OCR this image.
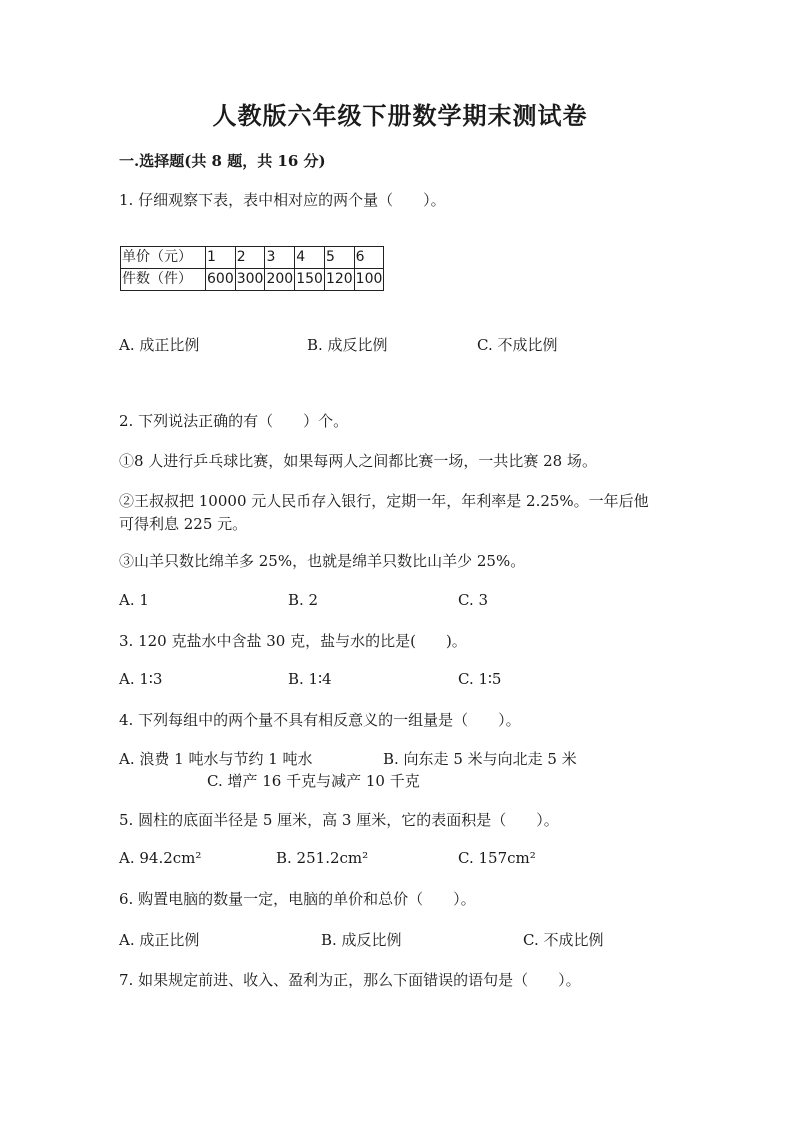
人教版六年级下册数学期末测试卷
一.选择题(共 8 题，共 16 分)
1. 仔细观察下表，表中相对应的两个量（　　）。
单价（元）	1	2	3	4	5	6
件数（件）	600	300	200	150	120	100
A. 成正比例	B. 成反比例	C. 不成比例
2. 下列说法正确的有（　　）个。
①8 人进行乒乓球比赛，如果每两人之间都比赛一场，一共比赛 28 场。
②王叔叔把 10000 元人民币存入银行，定期一年，年利率是 2.25%。一年后他
可得利息 225 元。
③山羊只数比绵羊多 25%，也就是绵羊只数比山羊少 25%。
A. 1	B. 2	C. 3
3. 120 克盐水中含盐 30 克，盐与水的比是(　　)。
A. 1∶3	B. 1∶4	C. 1∶5
4. 下列每组中的两个量不具有相反意义的一组量是（　　）。
A. 浪费 1 吨水与节约 1 吨水	B. 向东走 5 米与向北走 5 米
C. 增产 16 千克与减产 10 千克
5. 圆柱的底面半径是 5 厘米，高 3 厘米，它的表面积是（　　）。
A. 94.2cm²	B. 251.2cm²	C. 157cm²
6. 购置电脑的数量一定，电脑的单价和总价（　　）。
A. 成正比例	B. 成反比例	C. 不成比例
7. 如果规定前进、收入、盈利为正，那么下面错误的语句是（　　）。
